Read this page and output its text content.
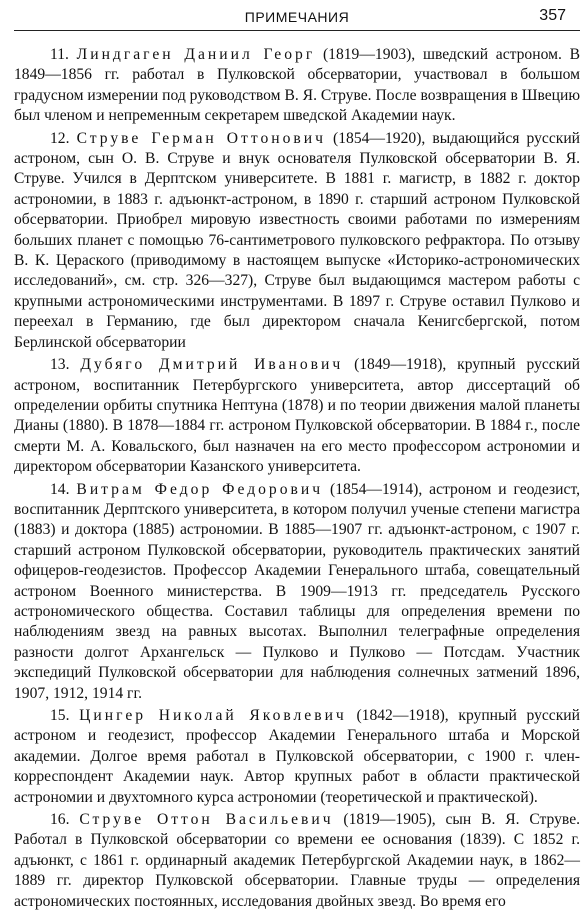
ПРИМЕЧАНИЯ	357

11. Линдгаген Даниил Георг (1819—1903), шведский астроном. В 1849—1856 гг. работал в Пулковской обсерватории, участвовал в большом градусном измерении под руководством В. Я. Струве. После возвращения в Швецию был членом и непременным секретарем шведской Академии наук.

12. Струве Герман Оттонович (1854—1920), выдающийся русский астроном, сын О. В. Струве и внук основателя Пулковской обсерватории В. Я. Струве. Учился в Дерптском университете. В 1881 г. магистр, в 1882 г. доктор астрономии, в 1883 г. адъюнкт-астроном, в 1890 г. старший астроном Пулковской обсерватории. Приобрел мировую известность своими работами по измерениям больших планет с помощью 76-сантиметрового пулковского рефрактора. По отзыву В. К. Цераского (приводимому в настоящем выпуске «Историко-астрономических исследований», см. стр. 326—327), Струве был выдающимся мастером работы с крупными астрономическими инструментами. В 1897 г. Струве оставил Пулково и переехал в Германию, где был директором сначала Кенигсбергской, потом Берлинской обсерватории

13. Дубяго Дмитрий Иванович (1849—1918), крупный русский астроном, воспитанник Петербургского университета, автор диссертаций об определении орбиты спутника Нептуна (1878) и по теории движения малой планеты Дианы (1880). В 1878—1884 гг. астроном Пулковской обсерватории. В 1884 г., после смерти М. А. Ковальского, был назначен на его место профессором астрономии и директором обсерватории Казанского университета.

14. Витрам Федор Федорович (1854—1914), астроном и геодезист, воспитанник Дерптского университета, в котором получил ученые степени магистра (1883) и доктора (1885) астрономии. В 1885—1907 гг. адъюнкт-астроном, с 1907 г. старший астроном Пулковской обсерватории, руководитель практических занятий офицеров-геодезистов. Профессор Академии Генерального штаба, совещательный астроном Военного министерства. В 1909—1913 гг. председатель Русского астрономического общества. Составил таблицы для определения времени по наблюдениям звезд на равных высотах. Выполнил телеграфные определения разности долгот Архангельск — Пулково и Пулково — Потсдам. Участник экспедиций Пулковской обсерватории для наблюдения солнечных затмений 1896, 1907, 1912, 1914 гг.

15. Цингер Николай Яковлевич (1842—1918), крупный русский астроном и геодезист, профессор Академии Генерального штаба и Морской академии. Долгое время работал в Пулковской обсерватории, с 1900 г. член-корреспондент Академии наук. Автор крупных работ в области практической астрономии и двухтомного курса астрономии (теоретической и практической).

16. Струве Оттон Васильевич (1819—1905), сын В. Я. Струве. Работал в Пулковской обсерватории со времени ее основания (1839). С 1852 г. адъюнкт, с 1861 г. ординарный академик Петербургской Академии наук, в 1862—1889 гг. директор Пулковской обсерватории. Главные труды — определения астрономических постоянных, исследования двойных звезд. Во время его
